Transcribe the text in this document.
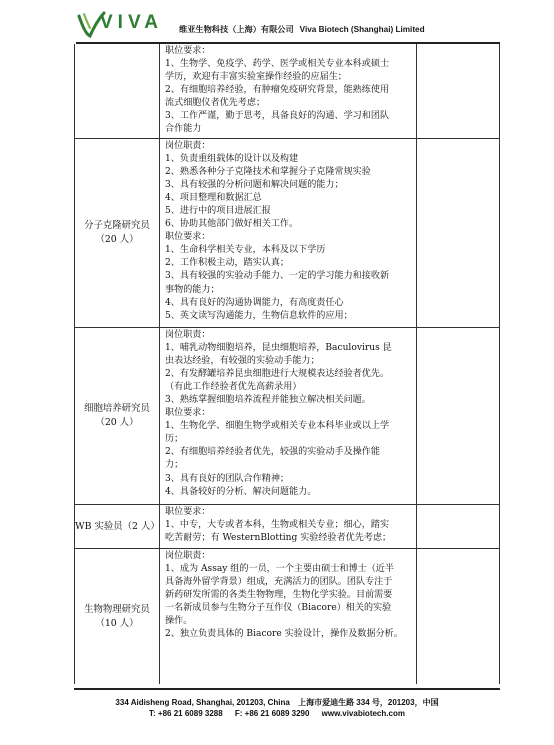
VIVA 维亚生物科技（上海）有限公司 Viva Biotech (Shanghai) Limited
职位要求：
1、生物学、免疫学、药学、医学或相关专业本科或硕士
学历，欢迎有丰富实验室操作经验的应届生；
2、有细胞培养经验，有肿瘤免疫研究背景，能熟练使用
流式细胞仪者优先考虑；
3、工作严谨，勤于思考，具备良好的沟通、学习和团队
合作能力
分子克隆研究员
（20 人）
岗位职责：
1、负责重组载体的设计以及构建
2、熟悉各种分子克隆技术和掌握分子克隆常规实验
3、具有较强的分析问题和解决问题的能力；
4、项目整理和数据汇总
5、进行中的项目进展汇报
6、协助其他部门做好相关工作。
职位要求：
1、生命科学相关专业，本科及以下学历
2、工作积极主动，踏实认真；
3、具有较强的实验动手能力、一定的学习能力和接收新
事物的能力；
4、具有良好的沟通协调能力，有高度责任心
5、英文读写沟通能力，生物信息软件的应用；
细胞培养研究员
（20 人）
岗位职责：
1、哺乳动物细胞培养，昆虫细胞培养，Baculovirus 昆
虫表达经验，有较强的实验动手能力；
2、有发酵罐培养昆虫细胞进行大规模表达经验者优先。
（有此工作经验者优先高薪录用）
3、熟练掌握细胞培养流程并能独立解决相关问题。
职位要求：
1、生物化学、细胞生物学或相关专业本科毕业或以上学
历；
2、有细胞培养经验者优先，较强的实验动手及操作能
力；
3、具有良好的团队合作精神；
4、具备较好的分析、解决问题能力。
WB 实验员（2 人）
职位要求：
1、中专，大专或者本科，生物或相关专业；细心，踏实
吃苦耐劳；有 WesternBlotting 实验经验者优先考虑；
生物物理研究员
（10 人）
岗位职责：
1、成为 Assay 组的一员，一个主要由硕士和博士（近半
具备海外留学背景）组成，充满活力的团队。团队专注于
新药研发所需的各类生物物理，生物化学实验。目前需要
一名新成员参与生物分子互作仪（Biacore）相关的实验
操作。
2、独立负责具体的 Biacore 实验设计，操作及数据分析。
334 Aidisheng Road, Shanghai, 201203, China 上海市爱迪生路 334 号，201203，中国
T: +86 21 6089 3288 F: +86 21 6089 3290 www.vivabiotech.com
